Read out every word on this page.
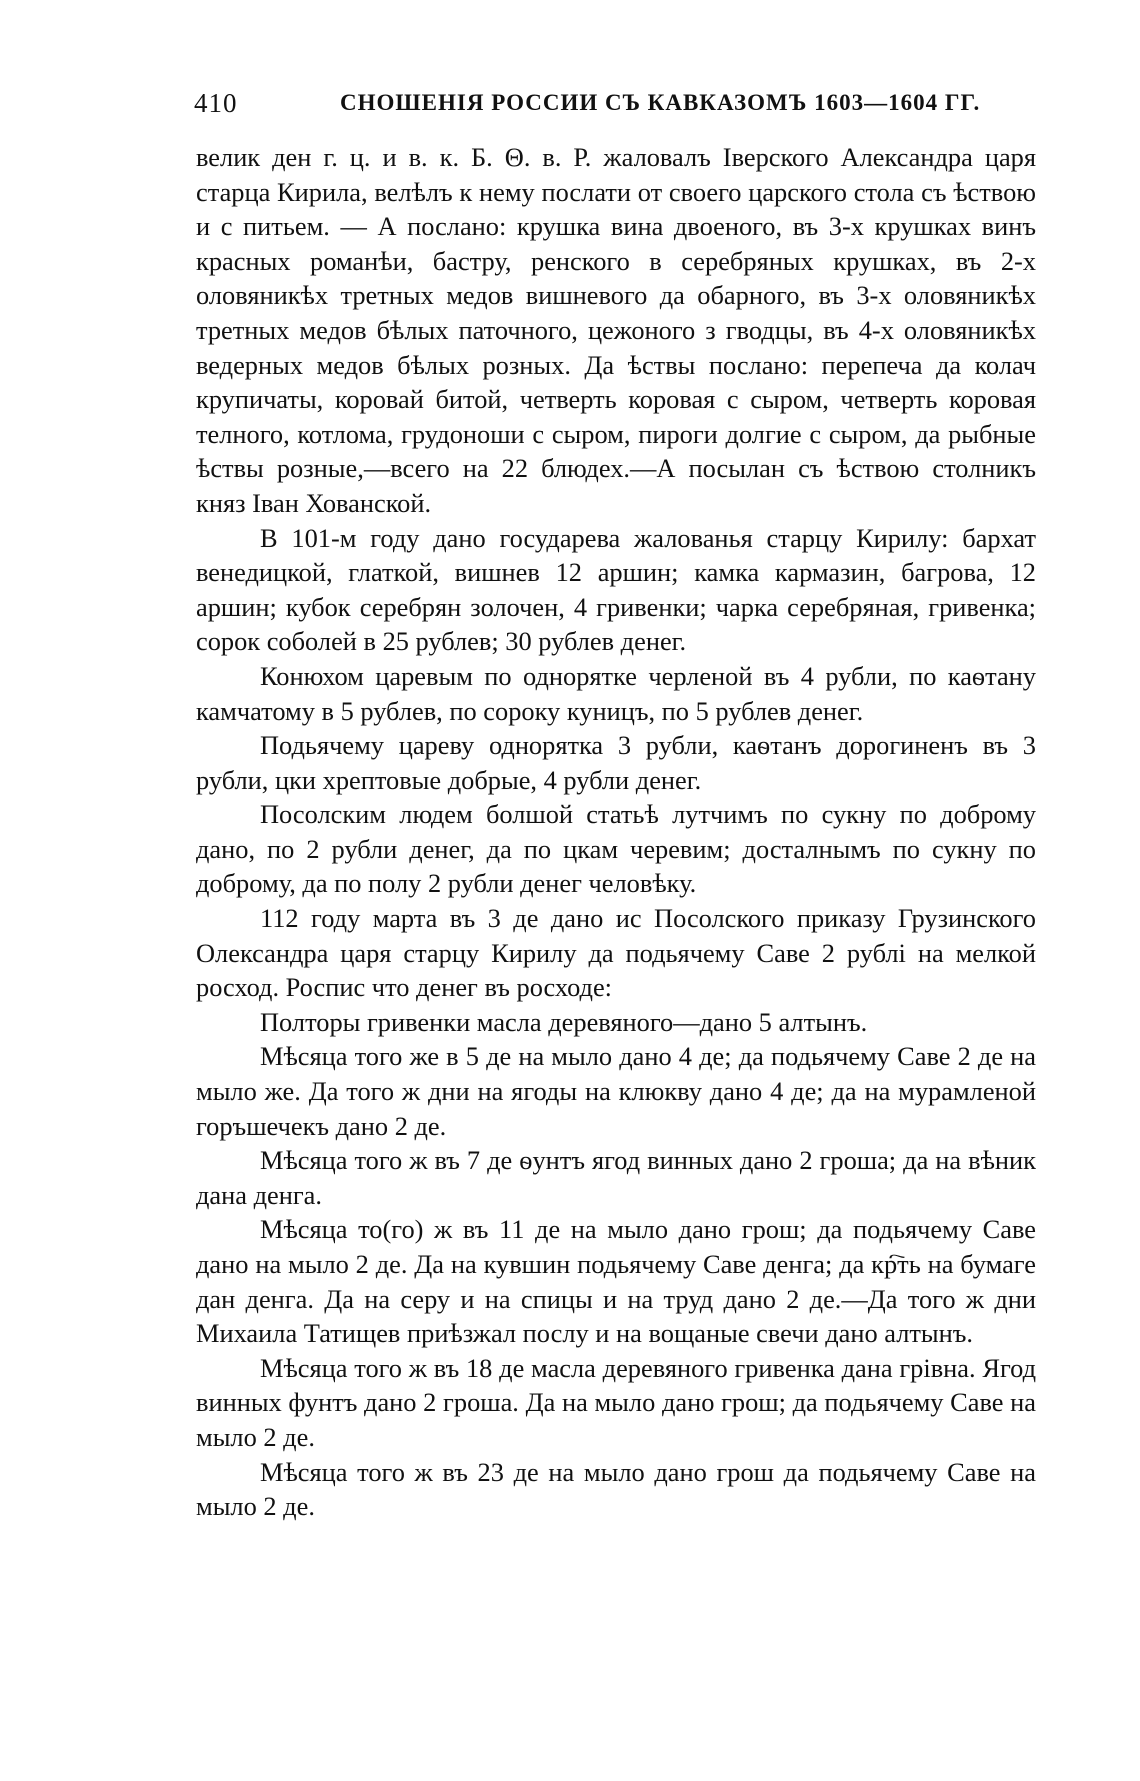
410	СНОШЕНІЯ РОССИИ СЪ КАВКАЗОМЪ 1603—1604 ГГ.

велик ден г. ц. и в. к. Б. Θ. в. Р. жаловалъ Іверского Александра царя старца Кирила, велѣлъ к нему послати от своего царского стола съ ѣствою и с питьем. — А послано: крушка вина двоеного, въ 3-х крушках винъ красных романѣи, бастру, ренского в серебряных крушках, въ 2-х оловяникѣх третных медов вишневого да обарного, въ 3-х оловяникѣх третных медов бѣлых паточного, цежоного з гводцы, въ 4-х оловяникѣх ведерных медов бѣлых розных. Да ѣствы послано: перепеча да колач крупичаты, коровай битой, четверть коровая с сыром, четверть коровая телного, котлома, грудоноши с сыром, пироги долгие с сыром, да рыбные ѣствы розные,—всего на 22 блюдех.—А посылан съ ѣствою столникъ княз Іван Хованской.

В 101-м году дано государева жалованья старцу Кирилу: бархат венедицкой, глаткой, вишнев 12 аршин; камка кармазин, багрова, 12 аршин; кубок серебрян золочен, 4 гривенки; чарка серебряная, гривенка; сорок соболей в 25 рублев; 30 рублев денег.

Конюхом царевым по однорятке черленой въ 4 рубли, по каѳтану камчатому в 5 рублев, по сороку куницъ, по 5 рублев денег.

Подьячему цареву однорятка 3 рубли, каѳтанъ дорогиненъ въ 3 рубли, цки хрептовые добрые, 4 рубли денег.

Посолским людем болшой статьѣ лутчимъ по сукну по доброму дано, по 2 рубли денег, да по цкам черевим; досталнымъ по сукну по доброму, да по полу 2 рубли денег человѣку.

112 году марта въ 3 де дано ис Посолского приказу Грузинского Олександра царя старцу Кирилу да подьячему Саве 2 рублі на мелкой росход. Роспис что денег въ росходе:

Полторы гривенки масла деревяного—дано 5 алтынъ.

Мѣсяца того же в 5 де на мыло дано 4 де; да подьячему Саве 2 де на мыло же. Да того ж дни на ягоды на клюкву дано 4 де; да на мурамленой горъшечекъ дано 2 де.

Мѣсяца того ж въ 7 де ѳунтъ ягод винных дано 2 гроша; да на вѣник дана денга.

Мѣсяца то(го) ж въ 11 де на мыло дано грош; да подьячему Саве дано на мыло 2 де. Да на кувшин подьячему Саве денга; да кр҇ть на бумаге дан денга. Да на серу и на спицы и на труд дано 2 де.—Да того ж дни Михаила Татищев приѣзжал послу и на вощаные свечи дано алтынъ.

Мѣсяца того ж въ 18 де масла деревяного гривенка дана грівна. Ягод винных фунтъ дано 2 гроша. Да на мыло дано грош; да подьячему Саве на мыло 2 де.

Мѣсяца того ж въ 23 де на мыло дано грош да подьячему Саве на мыло 2 де.
